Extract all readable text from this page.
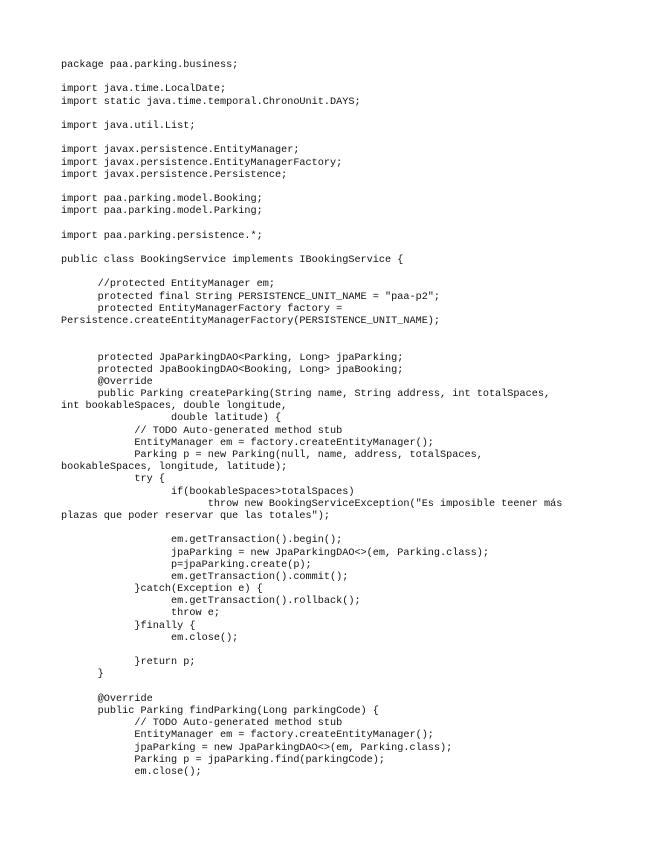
package paa.parking.business;
import java.time.LocalDate;
import static java.time.temporal.ChronoUnit.DAYS;
import java.util.List;
import javax.persistence.EntityManager;
import javax.persistence.EntityManagerFactory;
import javax.persistence.Persistence;
import paa.parking.model.Booking;
import paa.parking.model.Parking;
import paa.parking.persistence.*;
public class BookingService implements IBookingService {
//protected EntityManager em;
protected final String PERSISTENCE_UNIT_NAME = "paa-p2";
protected EntityManagerFactory factory =
Persistence.createEntityManagerFactory(PERSISTENCE_UNIT_NAME);
protected JpaParkingDAO<Parking, Long> jpaParking;
protected JpaBookingDAO<Booking, Long> jpaBooking;
@Override
public Parking createParking(String name, String address, int totalSpaces,
int bookableSpaces, double longitude,
double latitude) {
// TODO Auto-generated method stub
EntityManager em = factory.createEntityManager();
Parking p = new Parking(null, name, address, totalSpaces,
bookableSpaces, longitude, latitude);
try {
if(bookableSpaces>totalSpaces)
throw new BookingServiceException("Es imposible teener más
plazas que poder reservar que las totales");
em.getTransaction().begin();
jpaParking = new JpaParkingDAO<>(em, Parking.class);
p=jpaParking.create(p);
em.getTransaction().commit();
}catch(Exception e) {
em.getTransaction().rollback();
throw e;
}finally {
em.close();
}return p;
}
@Override
public Parking findParking(Long parkingCode) {
// TODO Auto-generated method stub
EntityManager em = factory.createEntityManager();
jpaParking = new JpaParkingDAO<>(em, Parking.class);
Parking p = jpaParking.find(parkingCode);
em.close();
